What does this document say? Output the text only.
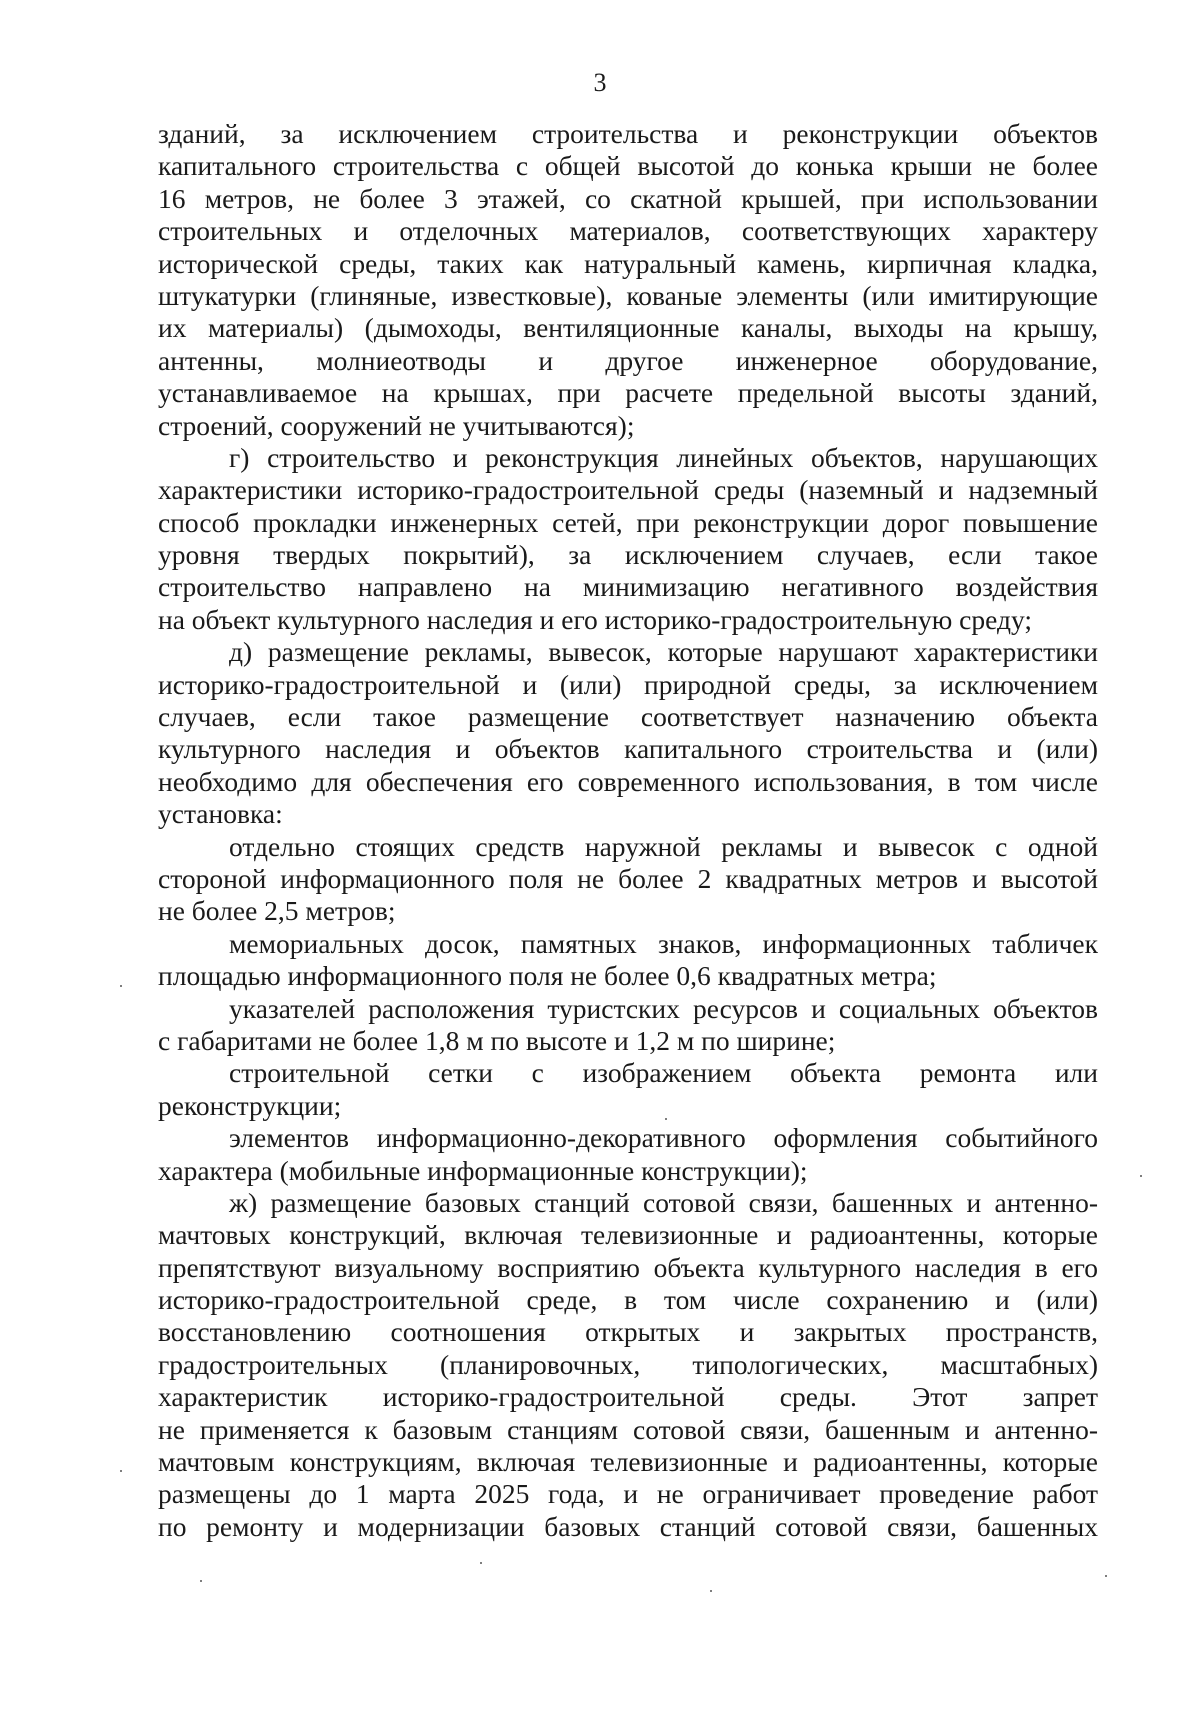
3
зданий, за исключением строительства и реконструкции объектов
капитального строительства с общей высотой до конька крыши не более
16 метров, не более 3 этажей, со скатной крышей, при использовании
строительных и отделочных материалов, соответствующих характеру
исторической среды, таких как натуральный камень, кирпичная кладка,
штукатурки (глиняные, известковые), кованые элементы (или имитирующие
их материалы) (дымоходы, вентиляционные каналы, выходы на крышу,
антенны, молниеотводы и другое инженерное оборудование,
устанавливаемое на крышах, при расчете предельной высоты зданий,
строений, сооружений не учитываются);
г) строительство и реконструкция линейных объектов, нарушающих
характеристики историко-градостроительной среды (наземный и надземный
способ прокладки инженерных сетей, при реконструкции дорог повышение
уровня твердых покрытий), за исключением случаев, если такое
строительство направлено на минимизацию негативного воздействия
на объект культурного наследия и его историко-градостроительную среду;
д) размещение рекламы, вывесок, которые нарушают характеристики
историко-градостроительной и (или) природной среды, за исключением
случаев, если такое размещение соответствует назначению объекта
культурного наследия и объектов капитального строительства и (или)
необходимо для обеспечения его современного использования, в том числе
установка:
отдельно стоящих средств наружной рекламы и вывесок с одной
стороной информационного поля не более 2 квадратных метров и высотой
не более 2,5 метров;
мемориальных досок, памятных знаков, информационных табличек
площадью информационного поля не более 0,6 квадратных метра;
указателей расположения туристских ресурсов и социальных объектов
с габаритами не более 1,8 м по высоте и 1,2 м по ширине;
строительной сетки с изображением объекта ремонта или
реконструкции;
элементов информационно-декоративного оформления событийного
характера (мобильные информационные конструкции);
ж) размещение базовых станций сотовой связи, башенных и антенно-
мачтовых конструкций, включая телевизионные и радиоантенны, которые
препятствуют визуальному восприятию объекта культурного наследия в его
историко-градостроительной среде, в том числе сохранению и (или)
восстановлению соотношения открытых и закрытых пространств,
градостроительных (планировочных, типологических, масштабных)
характеристик историко-градостроительной среды. Этот запрет
не применяется к базовым станциям сотовой связи, башенным и антенно-
мачтовым конструкциям, включая телевизионные и радиоантенны, которые
размещены до 1 марта 2025 года, и не ограничивает проведение работ
по ремонту и модернизации базовых станций сотовой связи, башенных
